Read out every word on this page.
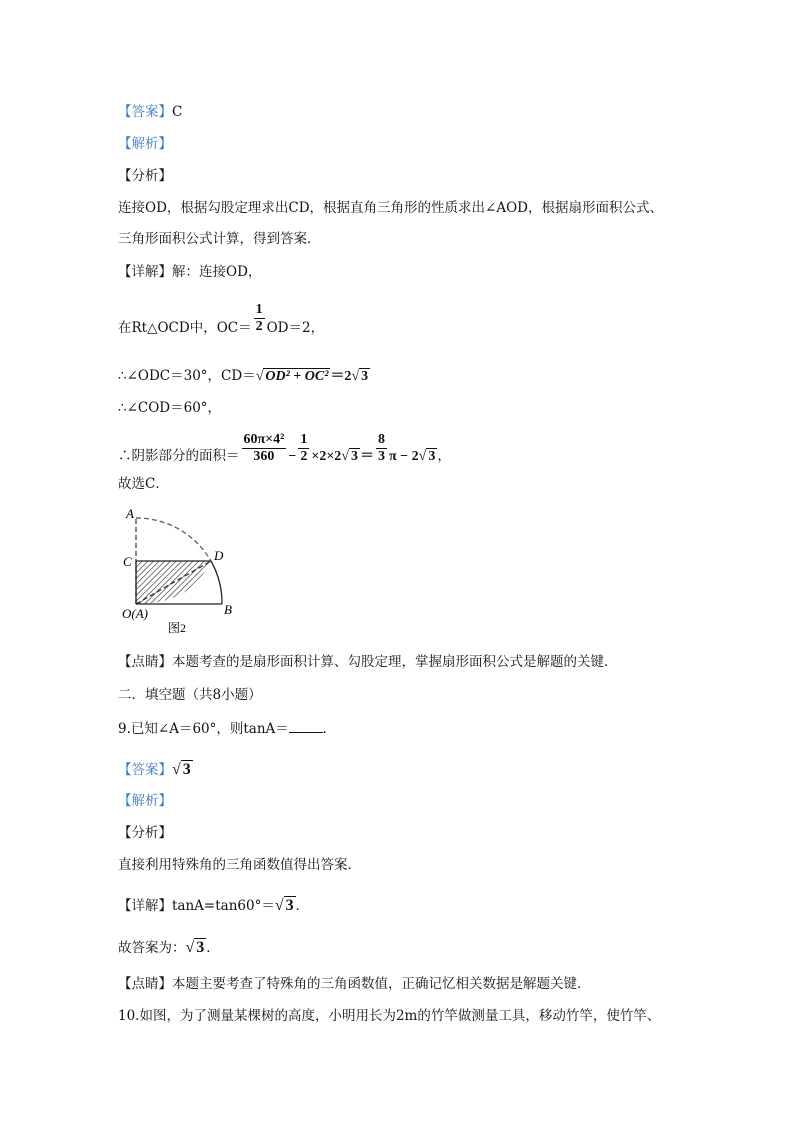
【答案】C
【解析】
【分析】
连接OD，根据勾股定理求出CD，根据直角三角形的性质求出∠AOD，根据扇形面积公式、
三角形面积公式计算，得到答案．
【详解】解：连接OD，
在Rt△OCD中，$OC= \frac{1}{2} OD=2$，
∴∠ODC＝30°，CD＝√ OD² + OC² ＝2√ 3
∴∠COD＝60°，
∴阴影部分的面积＝ $\frac{\text{60π×4²}}{360} - \frac{1}{2} \times 2\times 2√$ $3 = \frac{8}{3}$ π − 2√ 3 ，
故选C．
A
C	D
O(A)	B
图2
【点睛】本题考查的是扇形面积计算、勾股定理，掌握扇形面积公式是解题的关键．
二．填空题（共8小题）
9.已知∠A＝60°，则tanA＝	．
【答案】√ 3
【解析】
【分析】
直接利用特殊角的三角函数值得出答案．
【详解】tanA=tan60°＝√ 3 ．
故答案为：√ 3 ．
【点睛】本题主要考查了特殊角的三角函数值，正确记忆相关数据是解题关键．
10.如图，为了测量某棵树的高度，小明用长为2m的竹竿做测量工具，移动竹竿，使竹竿、
